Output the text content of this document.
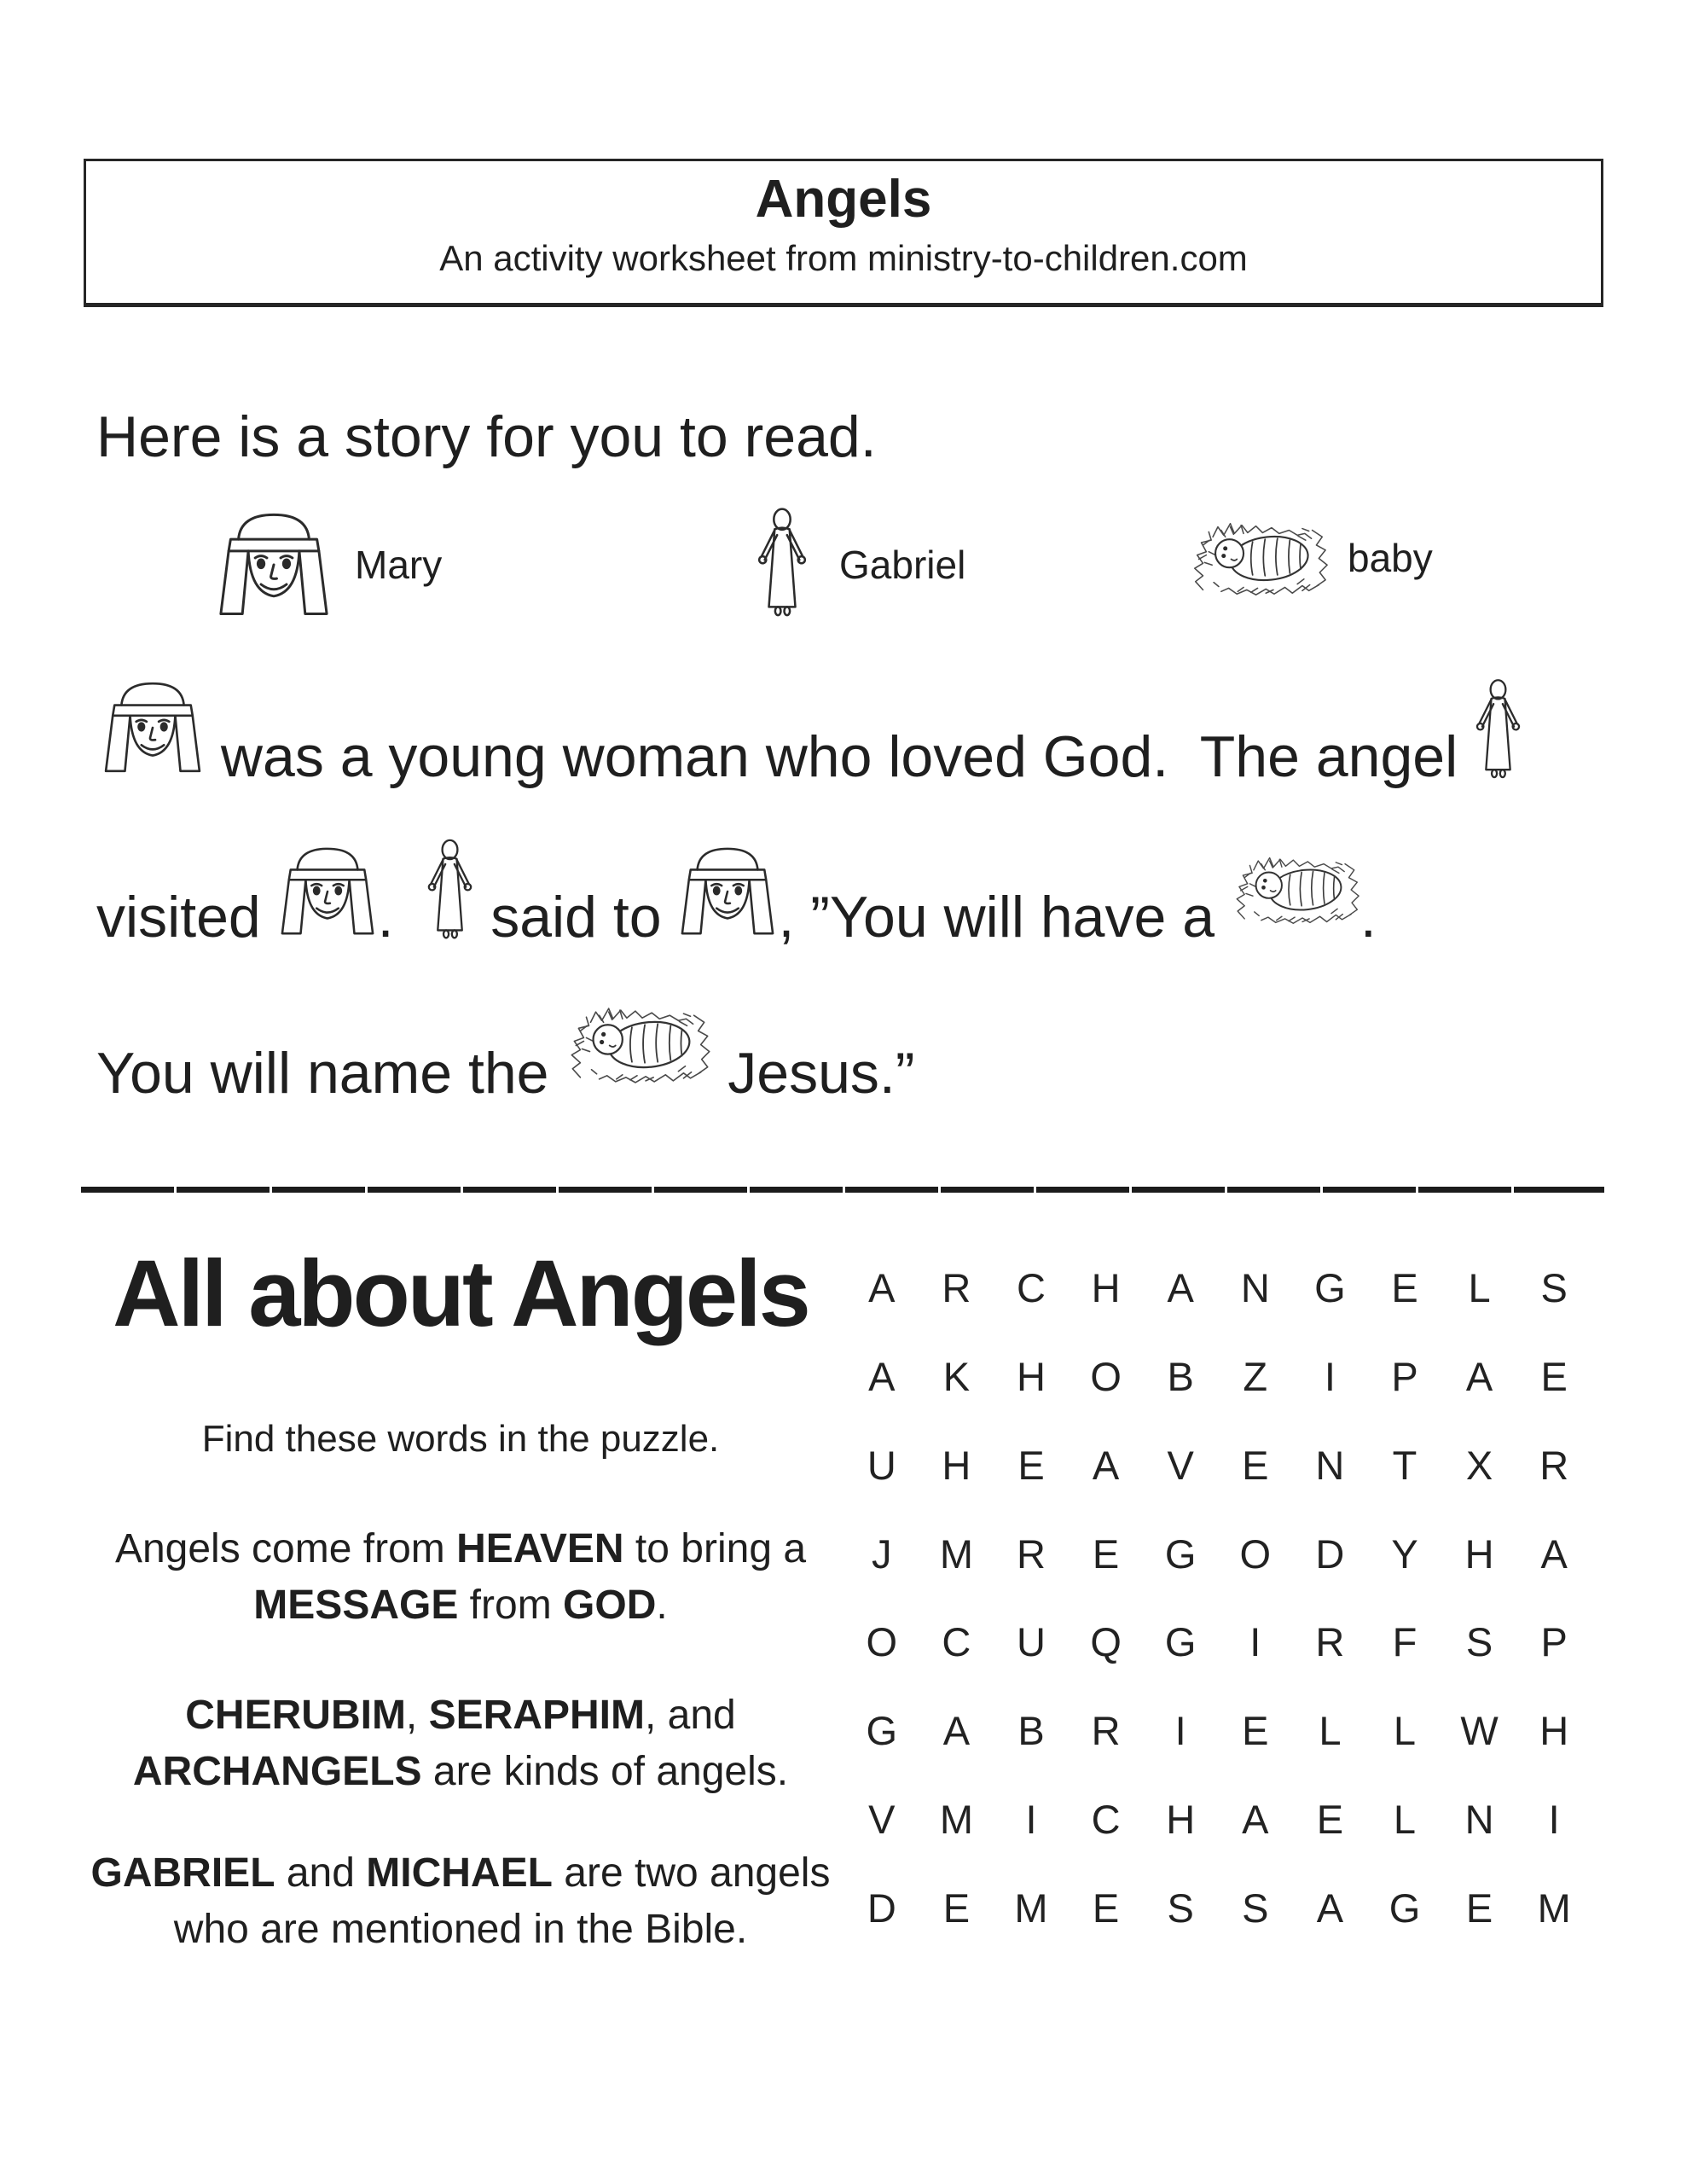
Angels
An activity worksheet from ministry-to-children.com
Here is a story for you to read.
Mary	Gabriel	baby
was a young woman who loved God.  The angel
visited .   said to , ”You will have a .
You will name the	Jesus.”
All about Angels
Find these words in the puzzle.
Angels come from HEAVEN to bring a
MESSAGE from GOD.
CHERUBIM, SERAPHIM, and
ARCHANGELS are kinds of angels.
GABRIEL and MICHAEL are two angels
who are mentioned in the Bible.
A	R	C	H	A	N	G	E	L	S
A	K	H	O	B	Z	I	P	A	E
U	H	E	A	V	E	N	T	X	R
J	M	R	E	G	O	D	Y	H	A
O	C	U	Q	G	I	R	F	S	P
G	A	B	R	I	E	L	L	W	H
V	M	I	C	H	A	E	L	N	I
D	E	M	E	S	S	A	G	E	M
